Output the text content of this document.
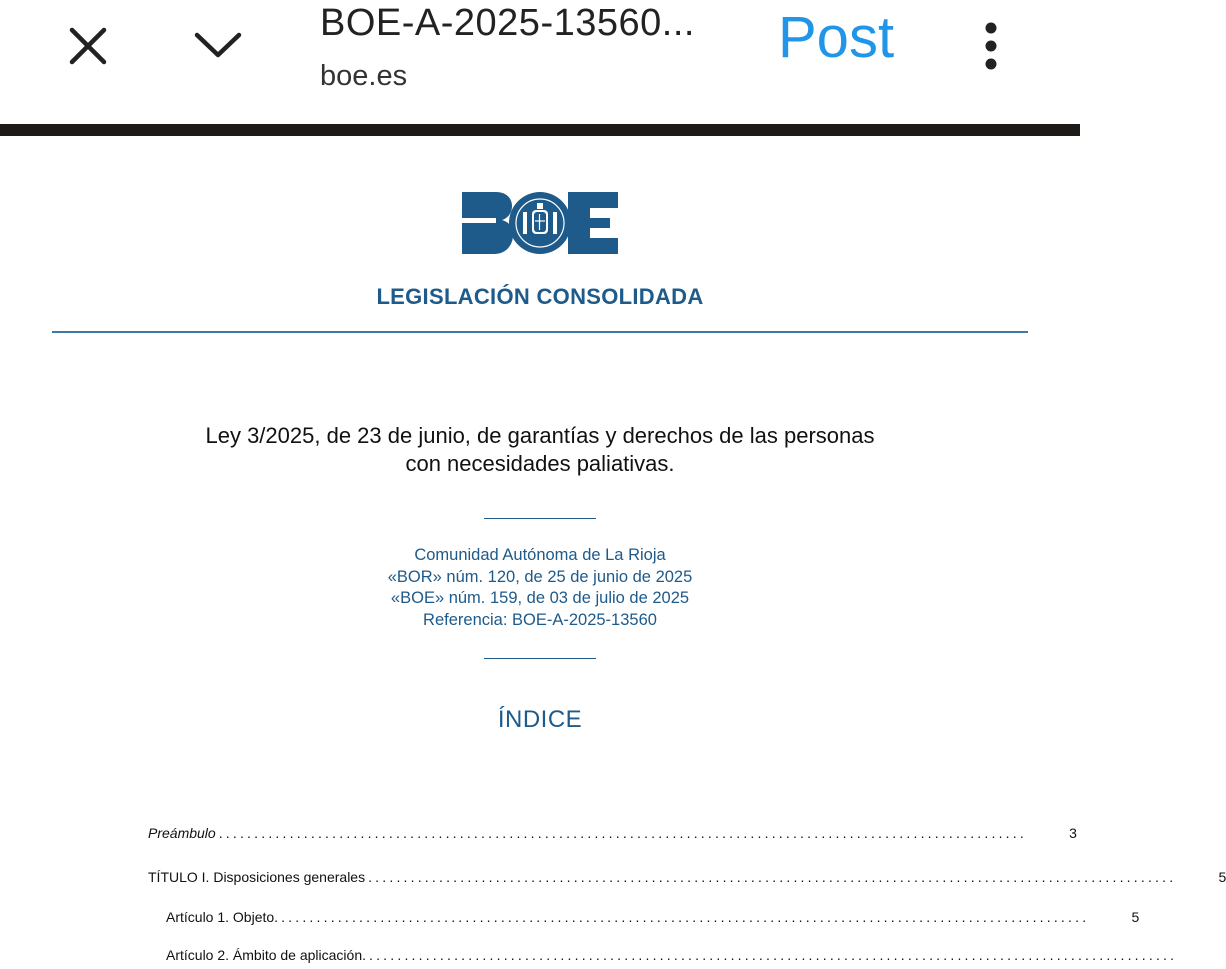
BOE-A-2025-13560...
boe.es
Post
LEGISLACIÓN CONSOLIDADA
Ley 3/2025, de 23 de junio, de garantías y derechos de las personas
con necesidades paliativas.
Comunidad Autónoma de La Rioja
«BOR» núm. 120, de 25 de junio de 2025
«BOE» núm. 159, de 03 de julio de 2025
Referencia: BOE-A-2025-13560
ÍNDICE
Preámbulo ..................................................................................................................	3
TÍTULO I. Disposiciones generales ..................................................................................................................	5
Artículo 1. Objeto. ..................................................................................................................	5
Artículo 2. Ámbito de aplicación. ..................................................................................................................
